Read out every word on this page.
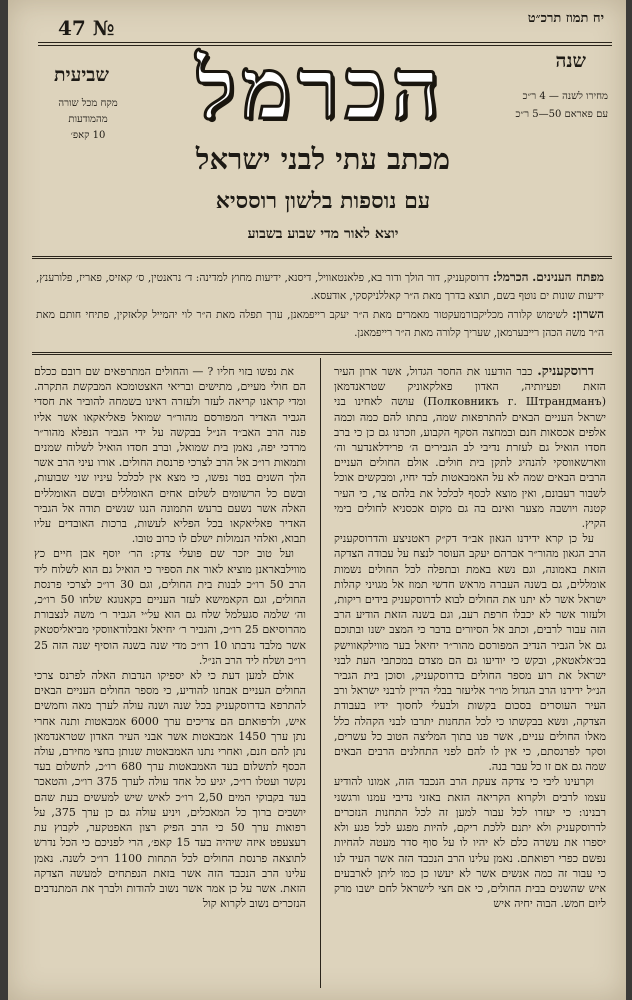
יח תמוז תרכ״ט
47 №
הכרמל	שנה
מחירו לשנה — 4 ר״כ
עם פאראם 50—5 ר״כ
שביעית
מקח מכל שורה מהמודעות
10 קאפ׳
מכתב עתי לבני ישראל
עם נוספות בלשון רוססיא
יוצא לאור מדי שבוע בשבוע
מפתח הענינים. הכרמל: דרוסקעניק, דור הולך ודור בא, פלאנטאוויל, דיסנא, ידיעות מחוץ למדינה: ד׳ נראנטין, ס׳ קאזיס, פאריז, פלורענץ, ידיעות שונות ים נוטף בשם, תוצא בדרך מאת ה״ר קאללניקסקי, אודעסא.
השרון: לשימוש קלורה מכליקבורמעקטור מאמרים מאת ה״ר יעקב רייפמאנן, ערך תפלה מאת ה״ר לוי יהמייל קלאזקין, פתיחי חותם מאת ה״ר משה הכהן רייבערמאן, שעריך קלורה מאת ה״ר רייפמאנן.

דרוסקעניק. כבר הודענו את החסר הגדול, אשר ארון העיר הזאת ופעיותיה, האדון פאלקאוניק שטראנדמאן (Полковникъ г. Штрандманъ) עושה לאחינו בני ישראל העניים הבאים להתרפאות שמה, בתתו להם כמה וכמה אלפים אכסאות חנם ובמחצה הסקף הקבוע, וזכרנו גם כן כי ברב חסדו הואיל גם לעזרת נדיבי לב הגבירים ה׳ פרידלאנדער וה׳ ווארשאווסקי להנהיג לתקן בית חולים. אולם החולים העניים הרבים הבאים שמה לא על האמבאטות לבד יחיו, ומבקשים אוכל לשבור רעבונם, ואין מוצא לכסף לכלכל את בלהם צר, כי העיר קטנה ויושבה מצער ואינם בה גם מקום אכסניא לחולים בימי הקיץ.

על כן קרא ידידנו הגאון אב״ד דק״ק ראטניצע והדרוסקעניק הרב הגאון מהור״ר אברהם יעקב העוסר לנצח על עבודה הצדקה הזאת באמונה, וגם נשא באמת ובתפלה לכל החולים נשמות אומללים, גם בשנה העברה מראש חדשי תמוז אל מגויני קהלות ישראל אשר לא יתנו את החולים לבוא לדרוסקעניק בידים ריקות, ולעזור אשר לא יכבלו חרפת רעב, וגם בשנה הזאת הודיע הרב הזה עבור לרבים, וכתב אל הסיורים בדבר כי המצב ישנו ובתוכם גם אל הגביר הנדיב המפורסם מהור״ר יחיאל בער מווילקאווישק בכ׳אלאטאק, ובקש כי יודיעו גם הם מצדם במכתבי העת לבני ישראל את רוע מספר החולים בדרוסקעניק, וסוכן בית הגביר הנ״ל ידידנו הרב הגדול מו״ר אליעזר בבלי הדיין לרבני ישראל ורב העיר העוסרים בסכום בקשות ולבעלי לחסוך ידיו בעבודת הצדקה, ונשא בבקשתו כי לכל התחנות יתרבו לבני הקהלה כלל מאלו החולים עניים, אשר פנו בתוך המליצה הטוב כל עשרים, וסקר לפרנסתם, כי אין לו להם לפני התחלנים הרבים הבאים שמה גם אם זו כל עבר בנה.

וקרעינו ליבי כי צדקה צעקת הרב הנכבד הזה, אמונו להודיע עצמו לרבים ולקרוא הקריאה הזאת באזני נדיבי עמנו ורגשני רבנינו: כי יעזרו לכל עבור למען זה לכל התחנות הנזכרים לדרוסקעניק ולא יתנם ללכת ריקם, להיות מפגע לכל פגע ולא יספרו את עשרה כלם לא יהיו לו על סוף סדר מעטה להחיות נפשם כפרי רפואתם. נאמן עלינו הרב הנכבד הזה אשר העיד לנו כי עבור זה כמה אנשים אשר לא יעשו כן כמו ליתן לארבעים איש שהשנים בבית החולים, כי אם חצי לישראל לחם ישבו מרק ליום חמש. הבוה יחיה איש

את נפשו בזוי חליו ? — והחולים המתרפאים שם רובם ככלם הם חולי מעיים, מתישים ובריאי האצטומכא המבקשת התקרה. ומדי קראנו קריאה לעזר ולעזרה ראינו בשמחה להוביר את חסדי הגביר האדיר המפורסם מהור״ר שמואל פאליאקאו אשר אליו פנה הרב האב״ד הנ״ל בבקשה על ידי הגביר הנפלא מהור״ר מרדכי יפה, נאמן בית שמואל, וברב חסדו הואיל לשלוח שמנים ותמאות רו״כ אל הרב לצרכי פרנסת החולים. אורו עיני הרב אשר הלך השנים בטר נפשו, כי מצא אין לכלכל עיניו שני שבועות, ובשם כל הרשומים לשלום אחים האומללים ובשם האומללים האלה אשר נשעם ברעש התמונה הנגו שנשים תודה אל הגביר האדיר פאליאקאו בכל הפליא לעשות, ברכות האובדים עליו תבוא, ואלהי הנמולות ישלם לו כרוב טובו.

ועל טוב יזכר שם פועלי צדק: הר׳ יוסף אבן חיים כץ מווילבאראנן מוציא לאור את הספיר כי הואיל גם הוא לשלוח ליד הרב 50 רו״כ לבנות בית החולים, וגם 30 רו״כ לצרכי פרנסת החולים, וגם הקאמישא לעזר העניים בקאנוגא שלחו 50 רו״כ, וה׳ שלמה סגעלמל שלח גם הוא על״י הגביר ר׳ משה לנצבורת מהרוסיאם 25 רו״כ, והגביר ר׳ יחיאל זאבלודאווסקי מביאליסטאק אשר מלבד נדבתו 10 רו״כ מדי שנה בשנה הוסיף שנה הזה 25 רו״כ ושלח ליד הרב הנ״ל.

אולם למען דעת כי לא יספיקו הנדבות האלה לפרנס צרכי החולים העניים אבחנו להודיע, כי מספר החולים העניים הבאים להתרפא בדרוסקעניק בכל שנה ושנה עולה לערך מאה וחמשים איש, ולרפואתם הם צריכים ערך 6000 אמבאטות ותנה אחרי נתן ערך 1450 אמבאטות אשר אבני העיר האדון שטראנדמאן נתן להם חנם, ואחרי נתנו האמבאטות שנותן בחצי מחירם, עולה הכסף לתשלום בעד האמבאטות ערך 680 רו״כ, לתשלום בעד נקשר ועטלו רו״כ, יגיע כל אחד עולה לערך 375 רו״כ, והטאכר בעד בקבוקי המים 2,50 רו״כ לאיש שיש למעשים בעת שהם יושבים ברוך כל המאכלים, ויניע עולה גם כן ערך 375, על רפואות ערך 50 כי הרב הפיק רצון האפטקער, לקבוץ עת רעצעפט איזה שיהיה בעד 15 קאפ׳, הרי לפניכם כי הכל נדרש לתוצאה פרנסת החולים לכל התחות 1100 רו״כ לשנה. נאמן עלינו הרב הנכבד הזה אשר בזאת הנפתחים למעשה הצדקה הזאת. אשר על כן אמר אשר נשוב להודות ולברך את המתנדבים הנזכרים נשוב לקרוא קול
